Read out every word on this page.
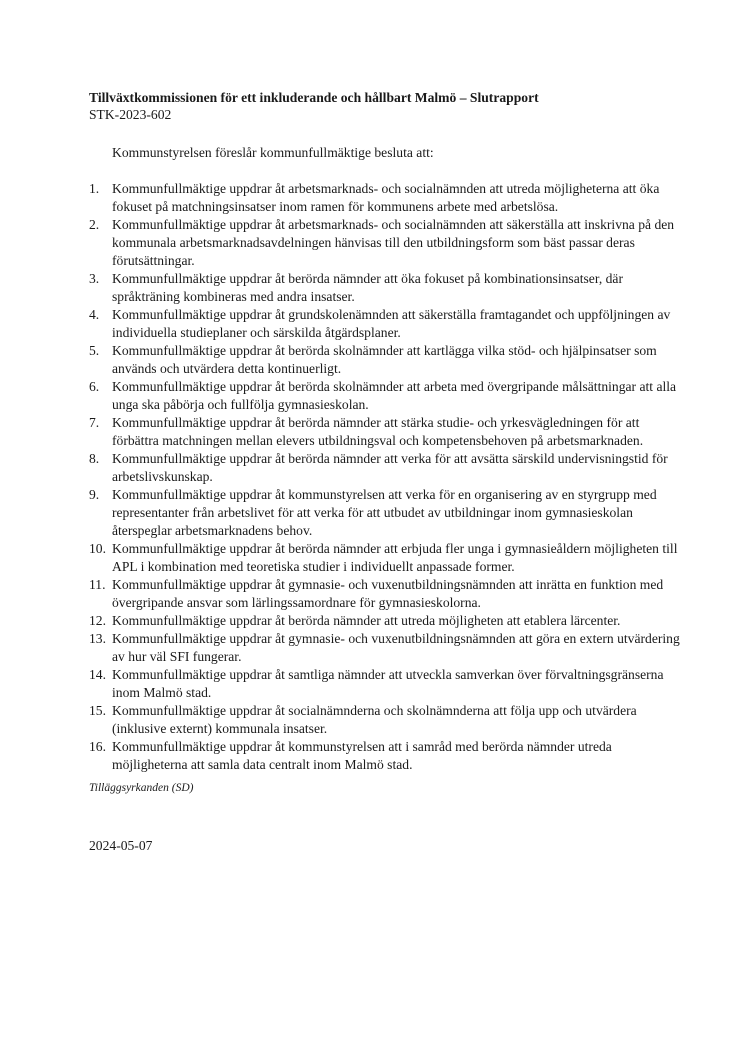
Tillväxtkommissionen för ett inkluderande och hållbart Malmö – Slutrapport

STK-2023-602

Kommunstyrelsen föreslår kommunfullmäktige besluta att:

1. Kommunfullmäktige uppdrar åt arbetsmarknads- och socialnämnden att utreda möjligheterna att öka fokuset på matchningsinsatser inom ramen för kommunens arbete med arbetslösa.
2. Kommunfullmäktige uppdrar åt arbetsmarknads- och socialnämnden att säkerställa att inskrivna på den kommunala arbetsmarknadsavdelningen hänvisas till den utbildningsform som bäst passar deras förutsättningar.
3. Kommunfullmäktige uppdrar åt berörda nämnder att öka fokuset på kombinationsinsatser, där språkträning kombineras med andra insatser.
4. Kommunfullmäktige uppdrar åt grundskolenämnden att säkerställa framtagandet och uppföljningen av individuella studieplaner och särskilda åtgärdsplaner.
5. Kommunfullmäktige uppdrar åt berörda skolnämnder att kartlägga vilka stöd- och hjälpinsatser som används och utvärdera detta kontinuerligt.
6. Kommunfullmäktige uppdrar åt berörda skolnämnder att arbeta med övergripande målsättningar att alla unga ska påbörja och fullfölja gymnasieskolan.
7. Kommunfullmäktige uppdrar åt berörda nämnder att stärka studie- och yrkesvägledningen för att förbättra matchningen mellan elevers utbildningsval och kompetensbehoven på arbetsmarknaden.
8. Kommunfullmäktige uppdrar åt berörda nämnder att verka för att avsätta särskild undervisningstid för arbetslivskunskap.
9. Kommunfullmäktige uppdrar åt kommunstyrelsen att verka för en organisering av en styrgrupp med representanter från arbetslivet för att verka för att utbudet av utbildningar inom gymnasieskolan återspeglar arbetsmarknadens behov.
10. Kommunfullmäktige uppdrar åt berörda nämnder att erbjuda fler unga i gymnasieåldern möjligheten till APL i kombination med teoretiska studier i individuellt anpassade former.
11. Kommunfullmäktige uppdrar åt gymnasie- och vuxenutbildningsnämnden att inrätta en funktion med övergripande ansvar som lärlingssamordnare för gymnasieskolorna.
12. Kommunfullmäktige uppdrar åt berörda nämnder att utreda möjligheten att etablera lärcenter.
13. Kommunfullmäktige uppdrar åt gymnasie- och vuxenutbildningsnämnden att göra en extern utvärdering av hur väl SFI fungerar.
14. Kommunfullmäktige uppdrar åt samtliga nämnder att utveckla samverkan över förvaltningsgränserna inom Malmö stad.
15. Kommunfullmäktige uppdrar åt socialnämnderna och skolnämnderna att följa upp och utvärdera (inklusive externt) kommunala insatser.
16. Kommunfullmäktige uppdrar åt kommunstyrelsen att i samråd med berörda nämnder utreda möjligheterna att samla data centralt inom Malmö stad.

Tilläggsyrkanden (SD)

2024-05-07
